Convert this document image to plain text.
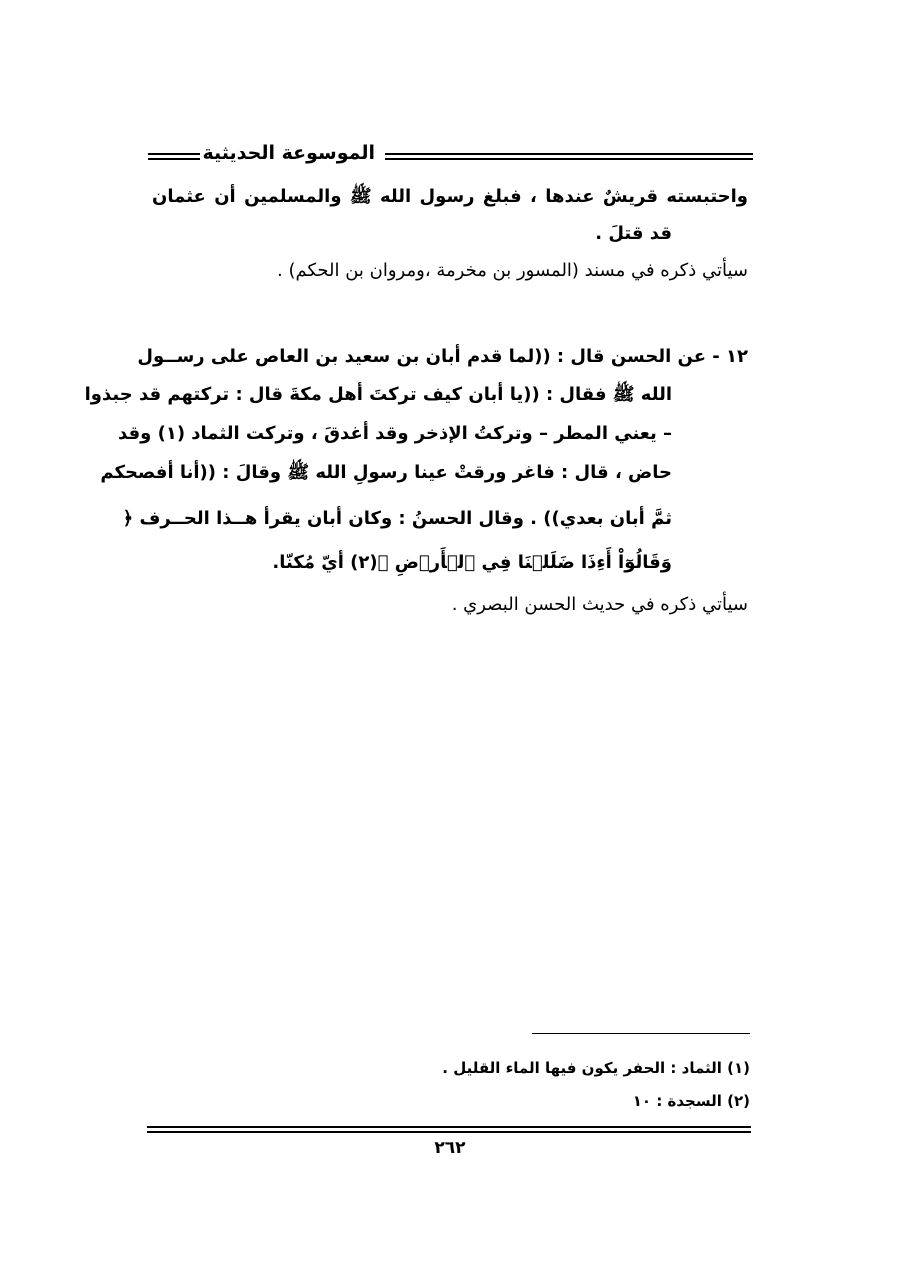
الموسوعة الحديثية
واحتبسته قريشٌ عندها ، فبلغ رسول الله ﷺ والمسلمين أن عثمان
قد قتلَ .
سيأتي ذكره في مسند (المسور بن مخرمة ،ومروان بن الحكم) .
١٢ - عن الحسن قال : ((لما قدم أبان بن سعيد بن العاص على رســول
الله ﷺ فقال : ((يا أبان كيف تركتَ أهل مكةَ قال : تركتهم قد جبذوا
– يعني المطر – وتركتُ الإذخر وقد أغدقَ ، وتركت الثماد (١) وقد
حاض ، قال : فاغر ورقتْ عينا رسولِ الله ﷺ وقالَ : ((أنا أفصحكم
ثمَّ أبان بعدي)) . وقال الحسنُ : وكان أبان يقرأ هــذا الحــرف ﴿
وَقَالُوٓاْ أَءِذَا ضَلَلۡنَا فِي ٱلۡأَرۡضِ ﴾(٢) أيّ مُكنّا.
سيأتي ذكره في حديث الحسن البصري .
(١) الثماد : الحفر يكون فيها الماء القليل .
(٢) السجدة : ١٠
٢٦٢
